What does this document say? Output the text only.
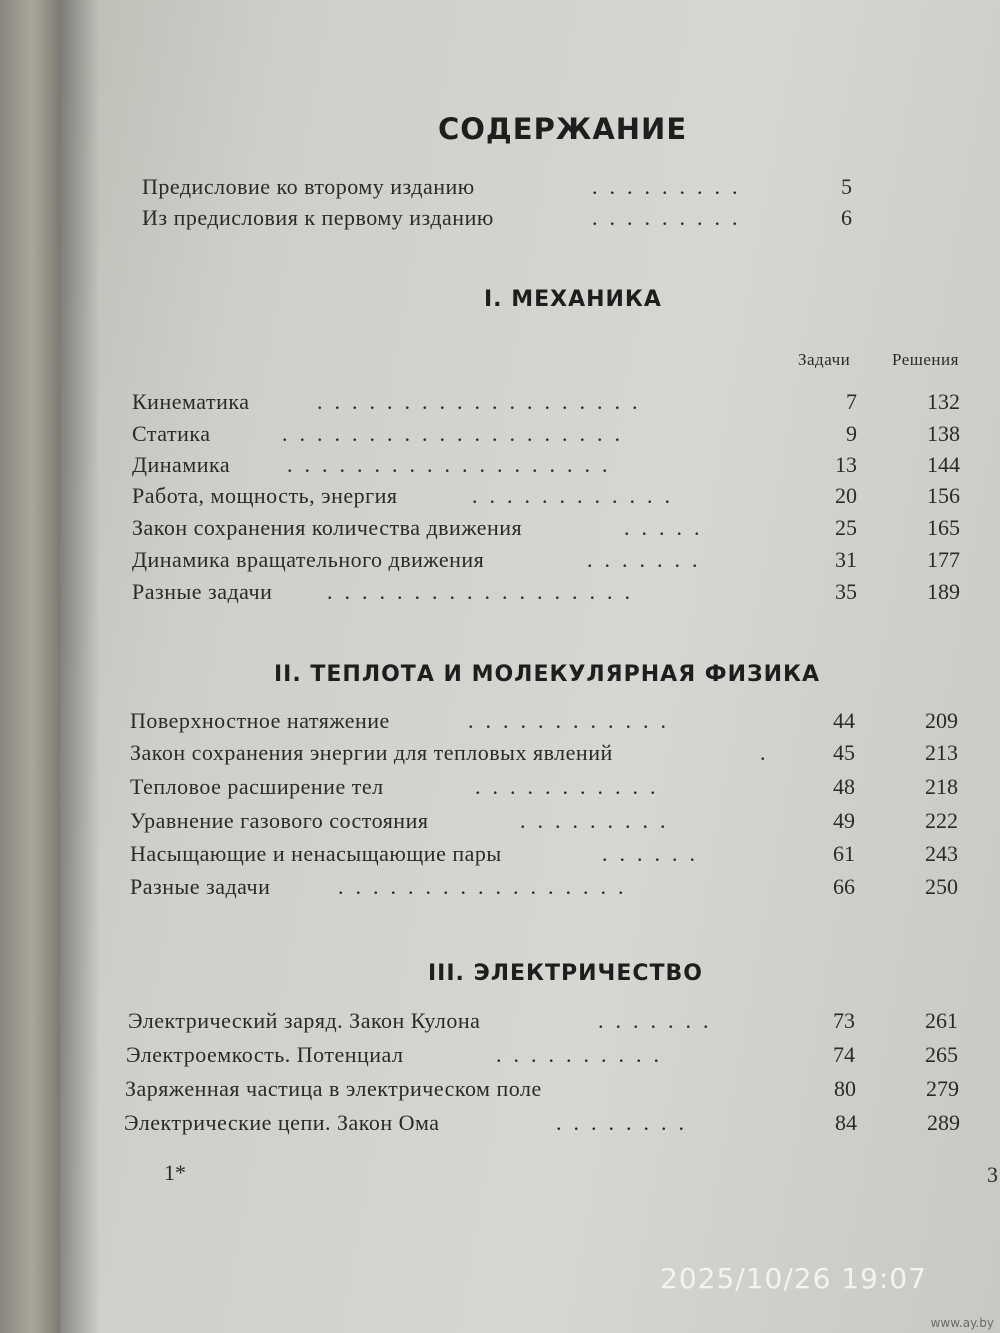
СОДЕРЖАНИЕ
Предисловие ко второму изданию	.........	5
Из предисловия к первому изданию	.........	6
I. МЕХАНИКА
Задачи Решения
II. ТЕПЛОТА И МОЛЕКУЛЯРНАЯ ФИЗИКА
III. ЭЛЕКТРИЧЕСТВО
Кинематика	...................	7	132
Статика	....................	9	138
Динамика	...................	13	144
Работа, мощность, энергия	............	20	156
Закон сохранения количества движения	.....	25	165
Динамика вращательного движения	.......	31	177
Разные задачи ..................	35	189
Поверхностное натяжение	............	44	209
Закон сохранения энергии для тепловых явлений	.	45	213
Тепловое расширение тел	...........	48	218
Уравнение газового состояния	.........	49	222
Насыщающие и ненасыщающие пары	......	61	243
Разные задачи	.................	66	250
Электрический заряд. Закон Кулона	.......	73	261
Электроемкость. Потенциал	..........	74	265
Заряженная частица в электрическом поле	80	279
Электрические цепи. Закон Ома	........	84	289
1*	3
2025/10/26 19:07
www.ay.by
